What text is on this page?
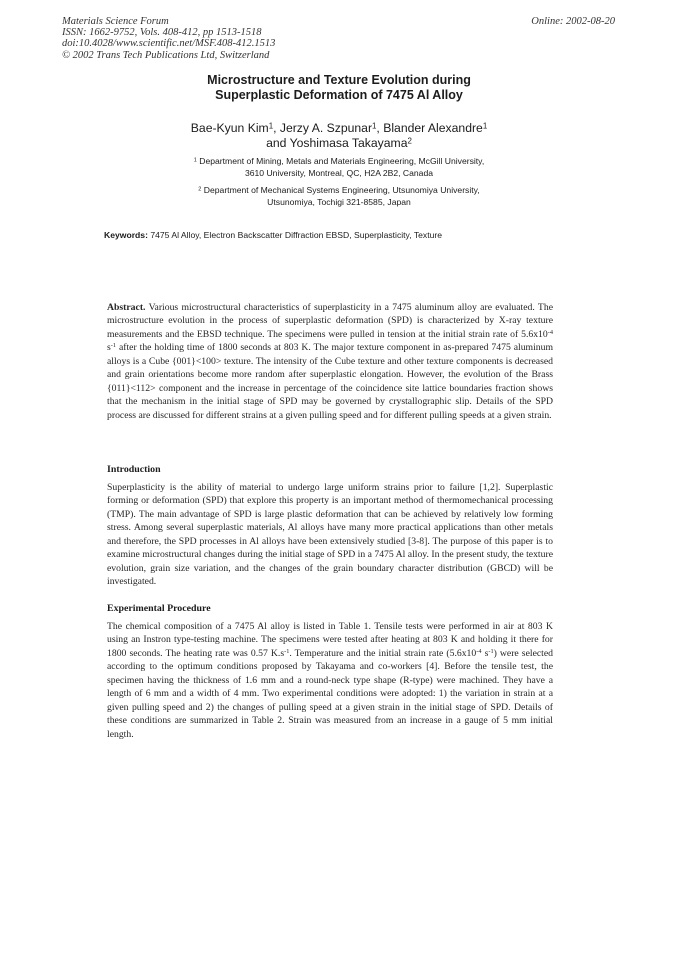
Materials Science Forum
ISSN: 1662-9752, Vols. 408-412, pp 1513-1518
doi:10.4028/www.scientific.net/MSF.408-412.1513
© 2002 Trans Tech Publications Ltd, Switzerland
Online: 2002-08-20
Microstructure and Texture Evolution during
Superplastic Deformation of 7475 Al Alloy
Bae-Kyun Kim$^1$, Jerzy A. Szpunar$^1$, Blander Alexandre$^1$
and Yoshimasa Takayama$^2$
$^1$ Department of Mining, Metals and Materials Engineering, McGill University,
3610 University, Montreal, QC, H2A 2B2, Canada
$^2$ Department of Mechanical Systems Engineering, Utsunomiya University,
Utsunomiya, Tochigi 321-8585, Japan
Keywords: 7475 Al Alloy, Electron Backscatter Diffraction EBSD, Superplasticity, Texture
Abstract. Various microstructural characteristics of superplasticity in a 7475 aluminum alloy are evaluated. The microstructure evolution in the process of superplastic deformation (SPD) is characterized by X-ray texture measurements and the EBSD technique. The specimens were pulled in tension at the initial strain rate of $5.6x10^{-4}$ $s^{-1}$ after the holding time of 1800 seconds at 803 K. The major texture component in as-prepared 7475 aluminum alloys is a Cube {001}<100> texture. The intensity of the Cube texture and other texture components is decreased and grain orientations become more random after superplastic elongation. However, the evolution of the Brass {011}<112> component and the increase in percentage of the coincidence site lattice boundaries fraction shows that the mechanism in the initial stage of SPD may be governed by crystallographic slip. Details of the SPD process are discussed for different strains at a given pulling speed and for different pulling speeds at a given strain.
Introduction
Superplasticity is the ability of material to undergo large uniform strains prior to failure [1,2]. Superplastic forming or deformation (SPD) that explore this property is an important method of thermomechanical processing (TMP). The main advantage of SPD is large plastic deformation that can be achieved by relatively low forming stress. Among several superplastic materials, Al alloys have many more practical applications than other metals and therefore, the SPD processes in Al alloys have been extensively studied [3-8]. The purpose of this paper is to examine microstructural changes during the initial stage of SPD in a 7475 Al alloy. In the present study, the texture evolution, grain size variation, and the changes of the grain boundary character distribution (GBCD) will be investigated.
Experimental Procedure
The chemical composition of a 7475 Al alloy is listed in Table 1. Tensile tests were performed in air at 803 K using an Instron type-testing machine. The specimens were tested after heating at 803 K and holding it there for 1800 seconds. The heating rate was 0.57 $K.s^{-1}$. Temperature and the initial strain rate ($5.6x10^{-4}$ $s^{-1}$) were selected according to the optimum conditions proposed by Takayama and co-workers [4]. Before the tensile test, the specimen having the thickness of 1.6 mm and a round-neck type shape (R-type) were machined. They have a length of 6 mm and a width of 4 mm. Two experimental conditions were adopted: 1) the variation in strain at a given pulling speed and 2) the changes of pulling speed at a given strain in the initial stage of SPD. Details of these conditions are summarized in Table 2. Strain was measured from an increase in a gauge of 5 mm initial length.
